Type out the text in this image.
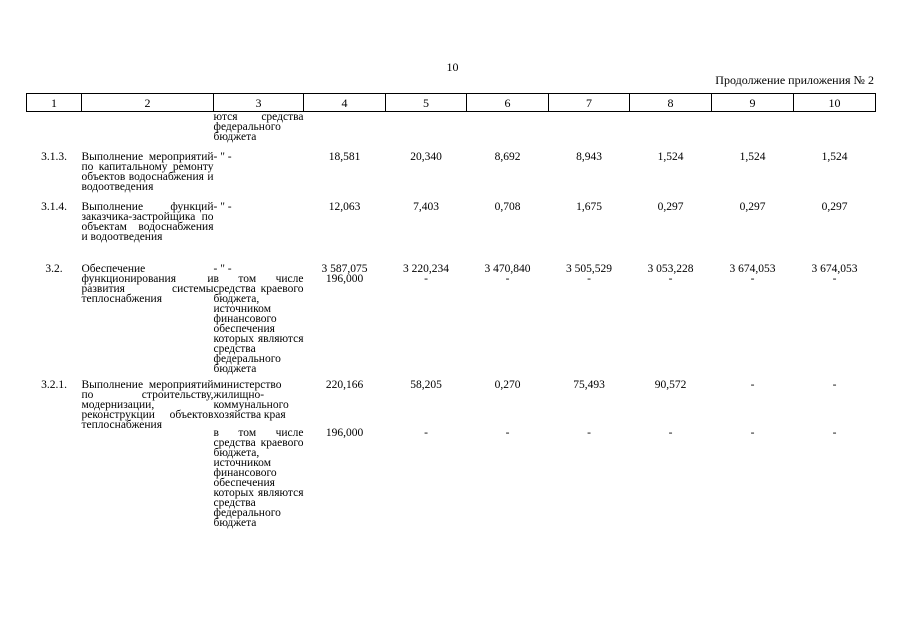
10
Продолжение приложения № 2
1	2	3	4	5	6	7	8	9	10
		ются средства федерального бюджета							

3.1.3.	Выполнение мероприятий по капитальному ремонту объектов водоснабжения и водоотведения	- " -	18,581	20,340	8,692	8,943	1,524	1,524	1,524

3.1.4.	Выполнение функций заказчика-застройщика по объектам водоснабжения и водоотведения	- " -	12,063	7,403	0,708	1,675	0,297	0,297	0,297

3.2.	Обеспечение функционирования и развития системы теплоснабжения	- " -	3 587,075	3 220,234	3 470,840	3 505,529	3 053,228	3 674,053	3 674,053
		в том числе средства краевого бюджета, источником финансового обеспечения которых являются средства федерального бюджета	196,000	-	-	-	-	-	-

3.2.1.	Выполнение мероприятий по строительству, модернизации, реконструкции объектов теплоснабжения	министерство жилищно-коммунального хозяйства края	220,166	58,205	0,270	75,493	90,572	-	-
		в том числе средства краевого бюджета, источником финансового обеспечения которых являются средства федерального бюджета	196,000	-	-	-	-	-	-
